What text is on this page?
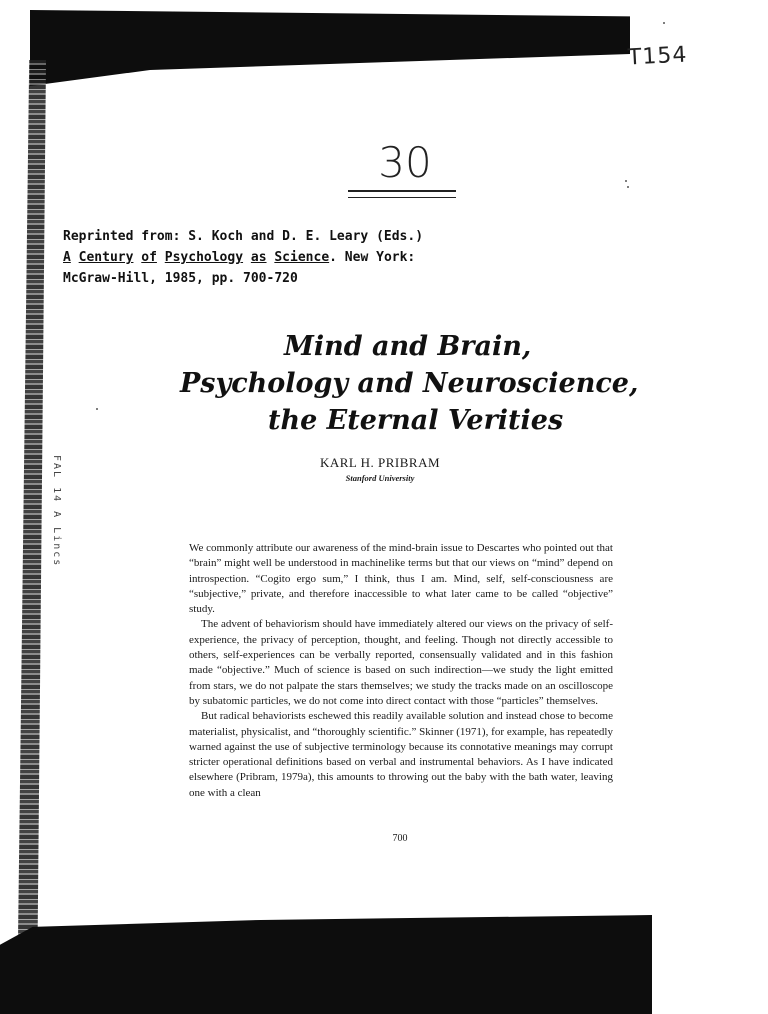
T154
30
Reprinted from: S. Koch and D. E. Leary (Eds.)
A Century of Psychology as Science. New York:
McGraw-Hill, 1985, pp. 700-720
Mind and Brain,
Psychology and Neuroscience,
the Eternal Verities
KARL H. PRIBRAM
Stanford University
FAL 14 A Lincs	We commonly attribute our awareness of the mind-brain issue to Descartes who pointed out that “brain” might well be understood in machinelike terms but that our views on “mind” depend on introspection. “Cogito ergo sum,” I think, thus I am. Mind, self, self-consciousness are “subjective,” private, and therefore inaccessible to what later came to be called “objective” study.

The advent of behaviorism should have immediately altered our views on the privacy of self-experience, the privacy of perception, thought, and feeling. Though not directly accessible to others, self-experiences can be verbally reported, consensually validated and in this fashion made “objective.” Much of science is based on such indirection—we study the light emitted from stars, we do not palpate the stars themselves; we study the tracks made on an oscilloscope by subatomic particles, we do not come into direct contact with those “particles” themselves.

But radical behaviorists eschewed this readily available solution and instead chose to become materialist, physicalist, and “thoroughly scientific.” Skinner (1971), for example, has repeatedly warned against the use of subjective terminology because its connotative meanings may corrupt stricter operational definitions based on verbal and instrumental behaviors. As I have indicated elsewhere (Pribram, 1979a), this amounts to throwing out the baby with the bath water, leaving one with a clean

700
